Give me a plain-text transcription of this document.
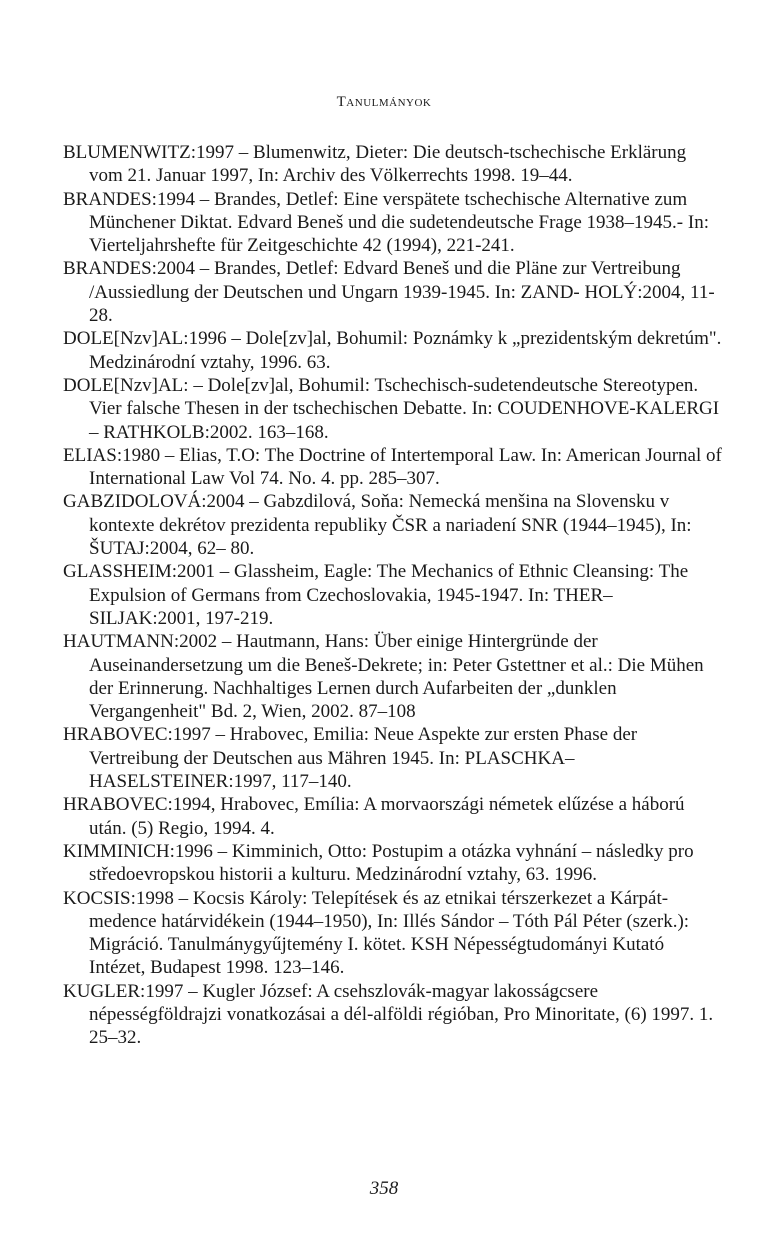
Tanulmányok
BLUMENWITZ:1997 – Blumenwitz, Dieter: Die deutsch-tschechische Erklärung vom 21. Januar 1997, In: Archiv des Völkerrechts 1998. 19–44.
BRANDES:1994 – Brandes, Detlef: Eine verspätete tschechische Alternative zum Münchener Diktat. Edvard Beneš und die sudetendeutsche Frage 1938–1945.- In: Vierteljahrshefte für Zeitgeschichte 42 (1994), 221-241.
BRANDES:2004 – Brandes, Detlef: Edvard Beneš und die Pläne zur Vertreibung /Aussiedlung der Deutschen und Ungarn 1939-1945. In: ZAND- HOLÝ:2004, 11-28.
DOLE[Nzv]AL:1996 – Dole[zv]al, Bohumil: Poznámky k „prezidentským dekretúm". Medzinárodní vztahy, 1996. 63.
DOLE[Nzv]AL: – Dole[zv]al, Bohumil: Tschechisch-sudetendeutsche Stereotypen. Vier falsche Thesen in der tschechischen Debatte. In: COUDENHOVE-KALERGI – RATHKOLB:2002. 163–168.
ELIAS:1980 – Elias, T.O: The Doctrine of Intertemporal Law. In: American Journal of International Law Vol 74. No. 4. pp. 285–307.
GABZIDOLOVÁ:2004 – Gabzdilová, Soňa: Nemecká menšina na Slovensku v kontexte dekrétov prezidenta republiky ČSR a nariadení SNR (1944–1945), In: ŠUTAJ:2004, 62– 80.
GLASSHEIM:2001 – Glassheim, Eagle: The Mechanics of Ethnic Cleansing: The Expulsion of Germans from Czechoslovakia, 1945-1947. In: THER–SILJAK:2001, 197-219.
HAUTMANN:2002 – Hautmann, Hans: Über einige Hintergründe der Auseinandersetzung um die Beneš-Dekrete; in: Peter Gstettner et al.: Die Mühen der Erinnerung. Nachhaltiges Lernen durch Aufarbeiten der „dunklen Vergangenheit" Bd. 2, Wien, 2002. 87–108
HRABOVEC:1997 – Hrabovec, Emilia: Neue Aspekte zur ersten Phase der Vertreibung der Deutschen aus Mähren 1945. In: PLASCHKA–HASELSTEINER:1997, 117–140.
HRABOVEC:1994, Hrabovec, Emília: A morvaországi németek elűzése a háború után. (5) Regio, 1994. 4.
KIMMINICH:1996 – Kimminich, Otto: Postupim a otázka vyhnání – následky pro středoevropskou historii a kulturu. Medzinárodní vztahy, 63. 1996.
KOCSIS:1998 – Kocsis Károly: Telepítések és az etnikai térszerkezet a Kárpát-medence határvidékein (1944–1950), In: Illés Sándor – Tóth Pál Péter (szerk.): Migráció. Tanulmánygyűjtemény I. kötet. KSH Népességtudományi Kutató Intézet, Budapest 1998. 123–146.
KUGLER:1997 – Kugler József: A csehszlovák-magyar lakosságcsere népességföldrajzi vonatkozásai a dél-alföldi régióban, Pro Minoritate, (6) 1997. 1. 25–32.
358
